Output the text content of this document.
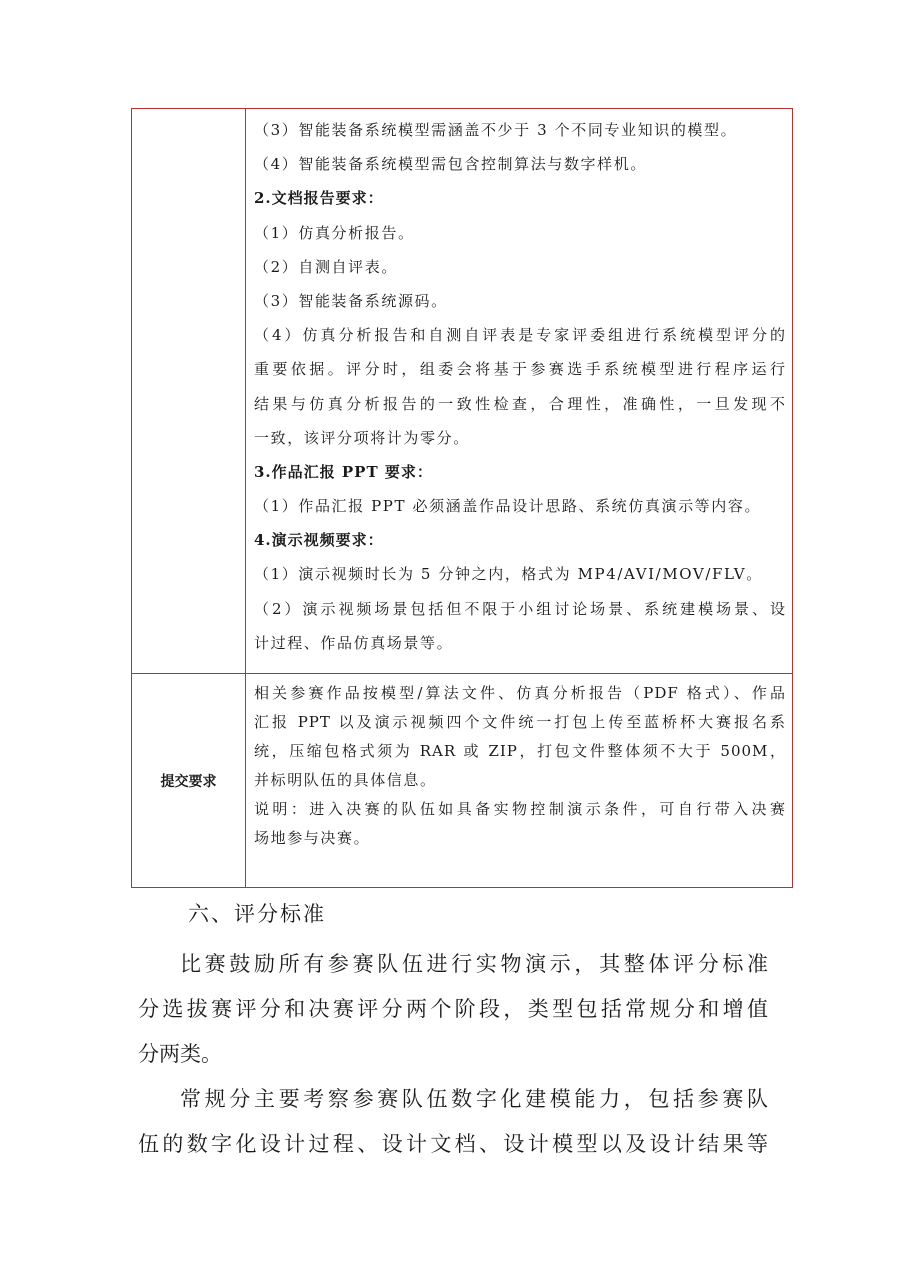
（3）智能装备系统模型需涵盖不少于 3 个不同专业知识的模型。
（4）智能装备系统模型需包含控制算法与数字样机。
2.文档报告要求：
（1）仿真分析报告。
（2）自测自评表。
（3）智能装备系统源码。
（4）仿真分析报告和自测自评表是专家评委组进行系统模型评分的
重要依据。评分时，组委会将基于参赛选手系统模型进行程序运行
结果与仿真分析报告的一致性检查，合理性，准确性，一旦发现不
一致，该评分项将计为零分。
3.作品汇报 PPT 要求：
（1）作品汇报 PPT 必须涵盖作品设计思路、系统仿真演示等内容。
4.演示视频要求：
（1）演示视频时长为 5 分钟之内，格式为 MP4/AVI/MOV/FLV。
（2）演示视频场景包括但不限于小组讨论场景、系统建模场景、设
计过程、作品仿真场景等。
提交要求
相关参赛作品按模型/算法文件、仿真分析报告（PDF 格式）、作品
汇报 PPT 以及演示视频四个文件统一打包上传至蓝桥杯大赛报名系
统，压缩包格式须为 RAR 或 ZIP，打包文件整体须不大于 500M，
并标明队伍的具体信息。
说明：进入决赛的队伍如具备实物控制演示条件，可自行带入决赛
场地参与决赛。
六、评分标准
比赛鼓励所有参赛队伍进行实物演示，其整体评分标准
分选拔赛评分和决赛评分两个阶段，类型包括常规分和增值
分两类。
常规分主要考察参赛队伍数字化建模能力，包括参赛队
伍的数字化设计过程、设计文档、设计模型以及设计结果等
